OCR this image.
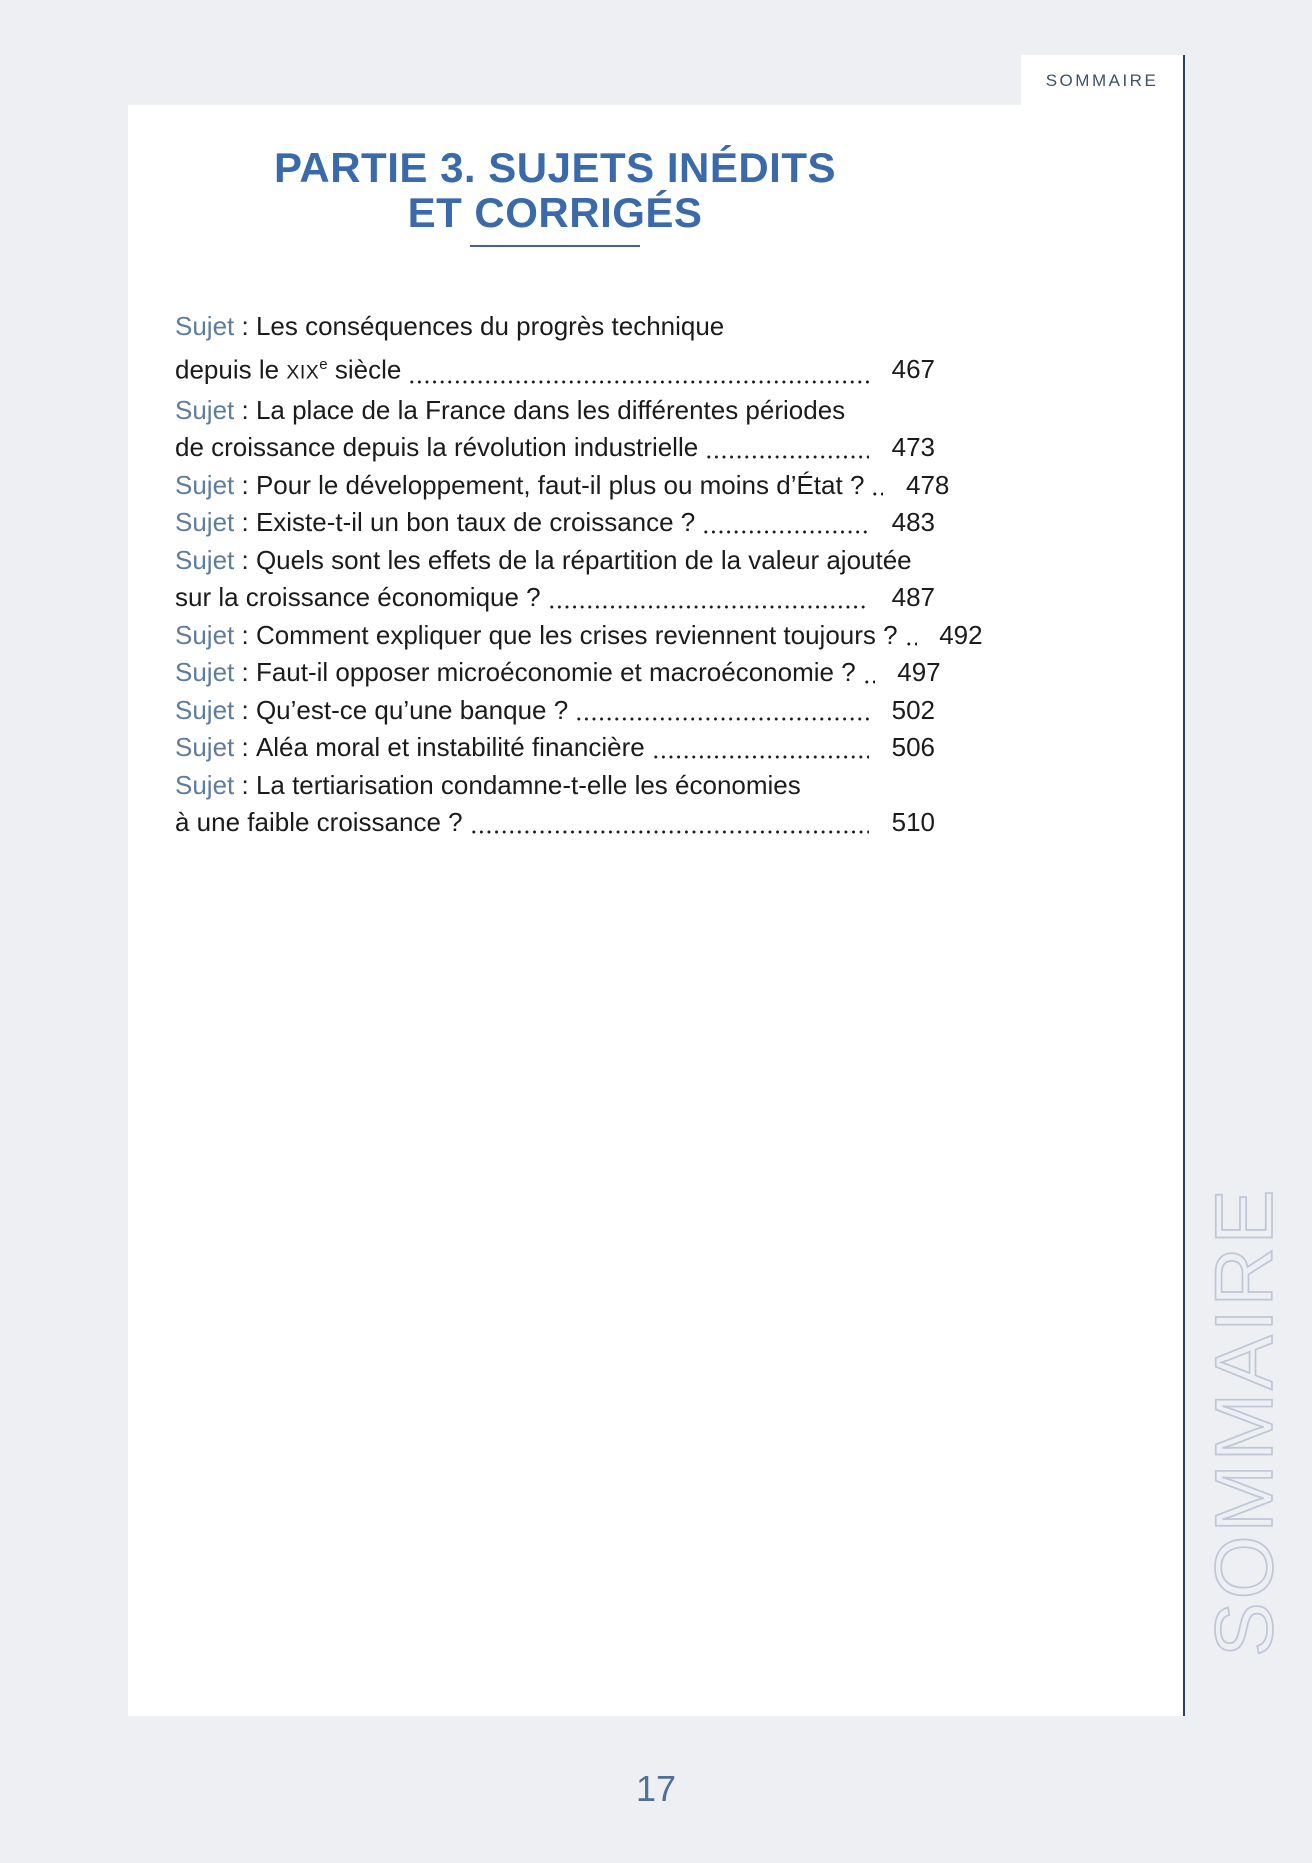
PARTIE 3. SUJETS INÉDITS
ET CORRIGÉS
Sujet : Les conséquences du progrès technique
depuis le XIXe siècle	467
Sujet : La place de la France dans les différentes périodes
de croissance depuis la révolution industrielle	473
Sujet : Pour le développement, faut-il plus ou moins d’État ?	478
Sujet : Existe-t-il un bon taux de croissance ?	483
Sujet : Quels sont les effets de la répartition de la valeur ajoutée
sur la croissance économique ?	487
Sujet : Comment expliquer que les crises reviennent toujours ?	492
Sujet : Faut-il opposer microéconomie et macroéconomie ?	497
Sujet : Qu’est-ce qu’une banque ?	502
Sujet : Aléa moral et instabilité financière	506
Sujet : La tertiarisation condamne-t-elle les économies
à une faible croissance ?	510
SOMMAIRE
SOMMAIRE
17
